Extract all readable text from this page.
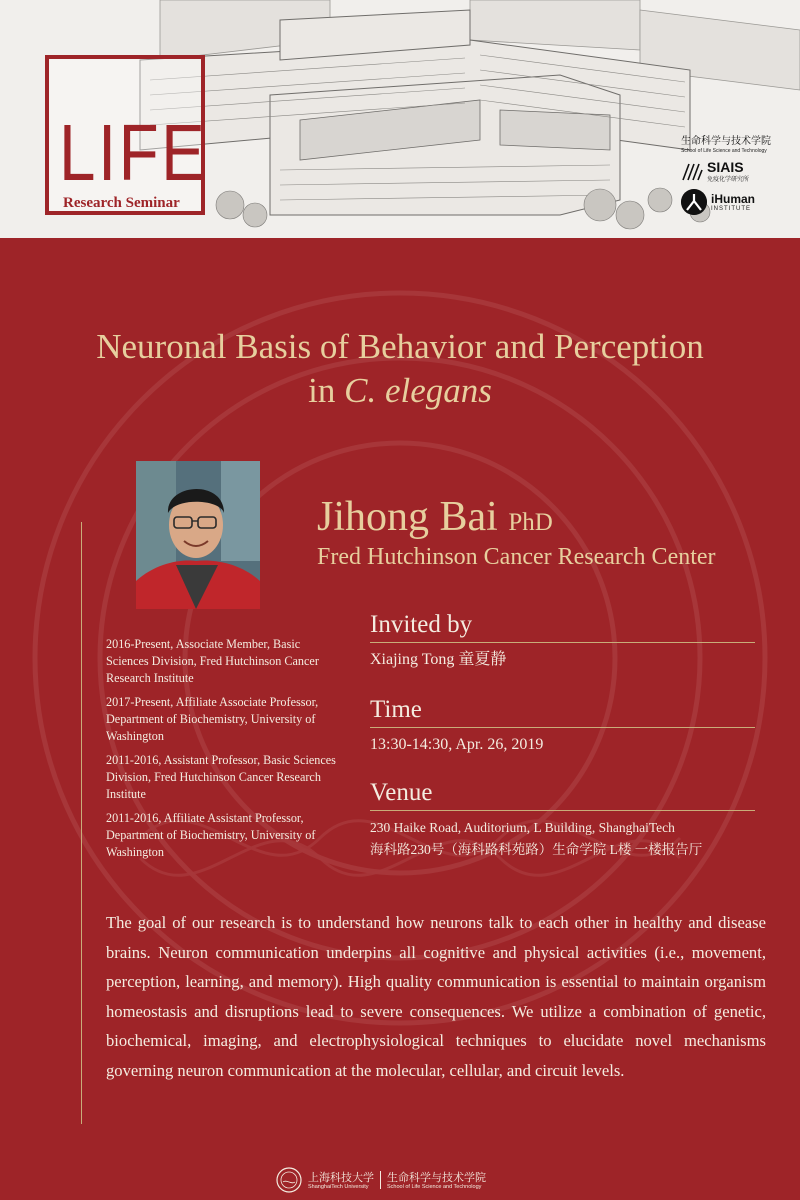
LIFE
Research Seminar
生命科学与技术学院
School of Life Science and Technology
SIAIS
免疫化学研究所
iHuman
INSTITUTE
Neuronal Basis of Behavior and Perception
in C. elegans
Jihong Bai PhD
Fred Hutchinson Cancer Research Center
2016-Present, Associate Member, Basic Sciences Division, Fred Hutchinson Cancer Research Institute
2017-Present, Affiliate Associate Professor, Department of Biochemistry, University of Washington
2011-2016, Assistant Professor, Basic Sciences Division, Fred Hutchinson Cancer Research Institute
2011-2016, Affiliate Assistant Professor, Department of Biochemistry, University of Washington
Invited by
Xiajing Tong 童夏静
Time
13:30-14:30, Apr. 26, 2019
Venue
230 Haike Road, Auditorium, L Building, ShanghaiTech
海科路230号（海科路科苑路）生命学院 L楼 一楼报告厅
The goal of our research is to understand how neurons talk to each other in healthy and disease brains. Neuron communication underpins all cognitive and physical activities (i.e., movement, perception, learning, and memory). High quality communication is essential to maintain organism homeostasis and disruptions lead to severe consequences. We utilize a combination of genetic, biochemical, imaging, and electrophysiological techniques to elucidate novel mechanisms governing neuron communication at the molecular, cellular, and circuit levels.
上海科技大学
ShanghaiTech University
生命科学与技术学院
School of Life Science and Technology
